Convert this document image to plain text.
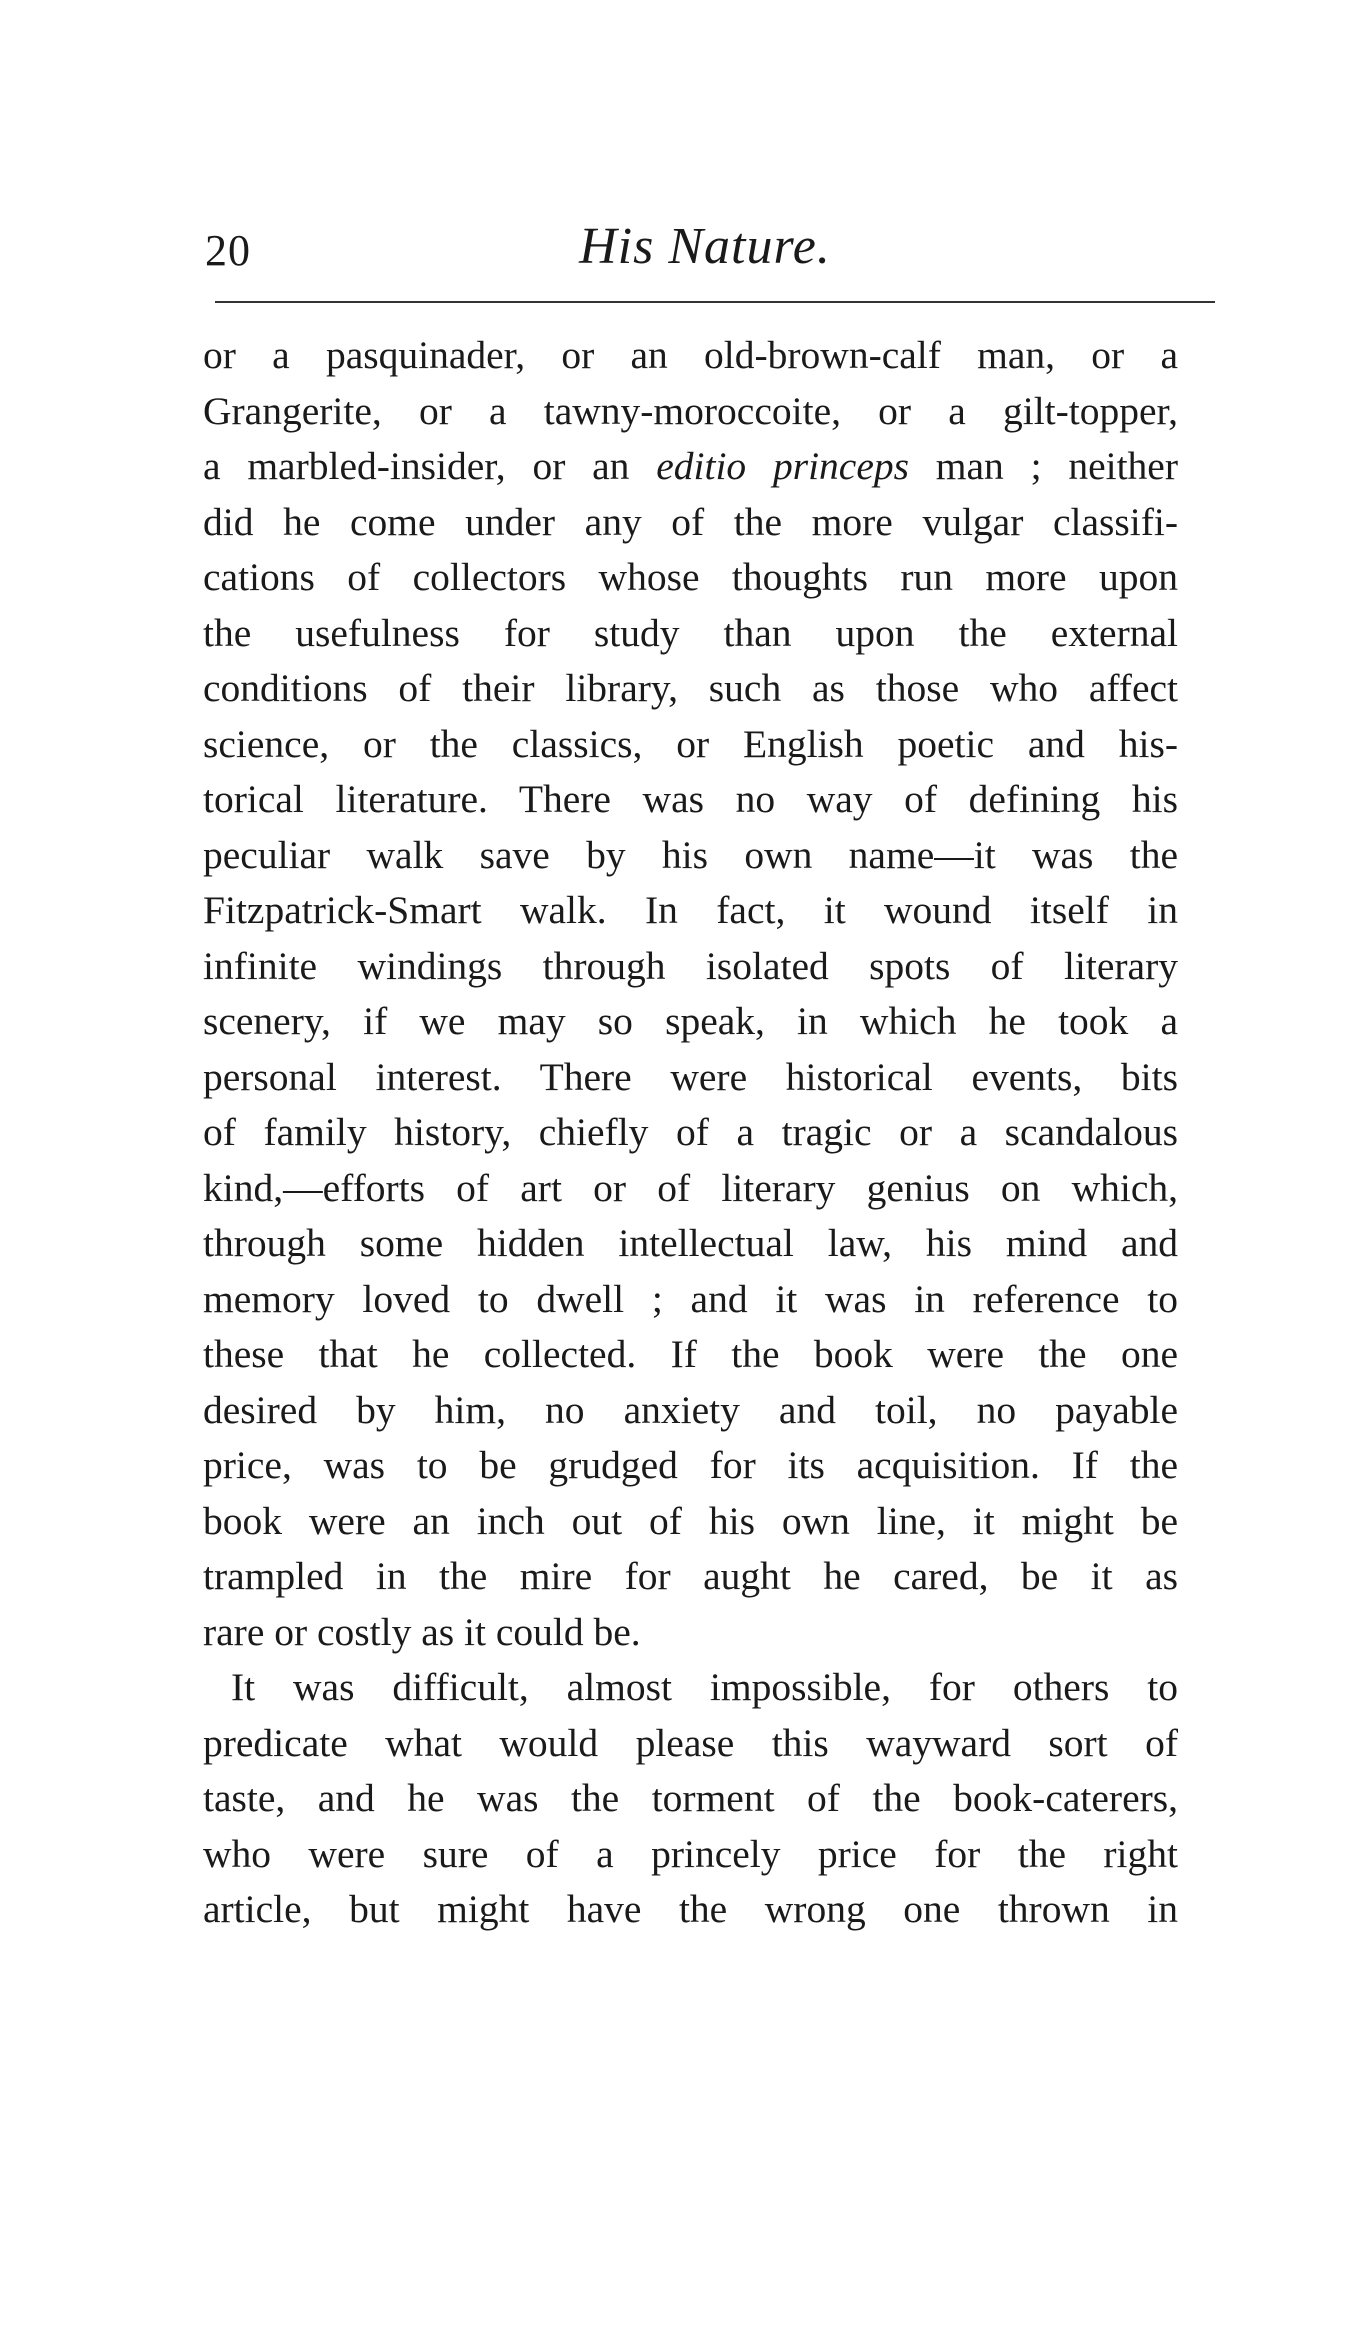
20	His Nature.
or a pasquinader, or an old-brown-calf man, or a
Grangerite, or a tawny-moroccoite, or a gilt-topper,
a marbled-insider, or an editio princeps man ; neither
did he come under any of the more vulgar classifi-
cations of collectors whose thoughts run more upon
the usefulness for study than upon the external
conditions of their library, such as those who affect
science, or the classics, or English poetic and his-
torical literature. There was no way of defining his
peculiar walk save by his own name—it was the
Fitzpatrick-Smart walk. In fact, it wound itself in
infinite windings through isolated spots of literary
scenery, if we may so speak, in which he took a
personal interest. There were historical events, bits
of family history, chiefly of a tragic or a scandalous
kind,—efforts of art or of literary genius on which,
through some hidden intellectual law, his mind and
memory loved to dwell ; and it was in reference to
these that he collected. If the book were the one
desired by him, no anxiety and toil, no payable
price, was to be grudged for its acquisition. If the
book were an inch out of his own line, it might be
trampled in the mire for aught he cared, be it as
rare or costly as it could be.
It was difficult, almost impossible, for others to
predicate what would please this wayward sort of
taste, and he was the torment of the book-caterers,
who were sure of a princely price for the right
article, but might have the wrong one thrown in
